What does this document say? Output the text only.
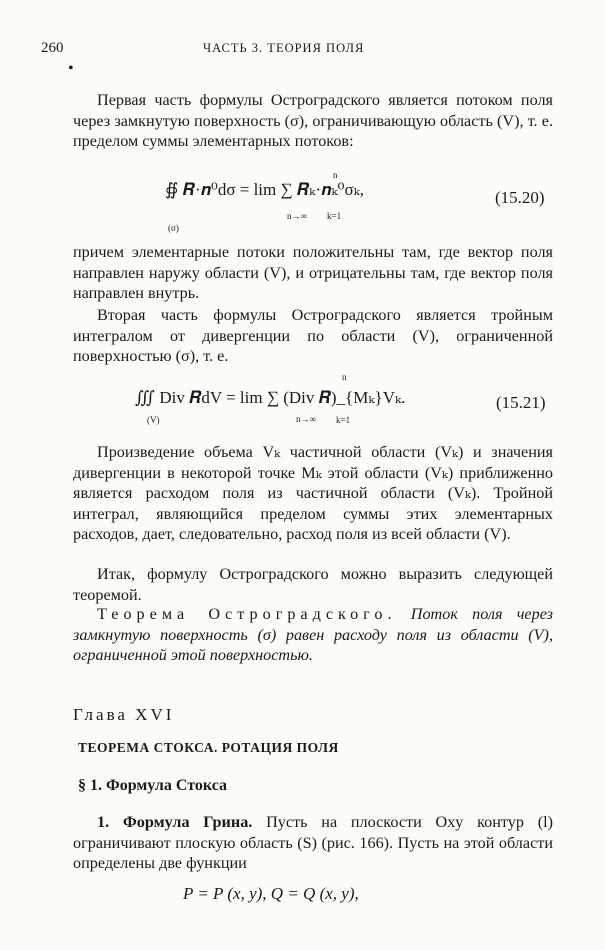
260	ЧАСТЬ 3. ТЕОРИЯ ПОЛЯ
•
Первая часть формулы Остроградского является потоком поля через замкнутую поверхность (σ), ограничивающую область (V), т. е. пределом суммы элементарных потоков:
∯ 𝑹·𝒏⁰dσ = lim ∑ 𝑹ₖ·𝒏ₖ⁰σₖ,
(σ)
n→∞
n
k=1
(15.20)
причем элементарные потоки положительны там, где вектор поля направлен наружу области (V), и отрицательны там, где вектор поля направлен внутрь.
Вторая часть формулы Остроградского является тройным интегралом от дивергенции по области (V), ограниченной поверхностью (σ), т. е.
∭ Div 𝑹dV = lim ∑ (Div 𝑹)_{Mₖ}Vₖ.
(V)	n→∞
n
k=1
(15.21)
Произведение объема Vₖ частичной области (Vₖ) и значения дивергенции в некоторой точке Mₖ этой области (Vₖ) приближенно является расходом поля из частичной области (Vₖ). Тройной интеграл, являющийся пределом суммы этих элементарных расходов, дает, следовательно, расход поля из всей области (V).
Итак, формулу Остроградского можно выразить следующей теоремой.
Теорема Остроградского. Поток поля через замкнутую поверхность (σ) равен расходу поля из области (V), ограниченной этой поверхностью.
Глава XVI
ТЕОРЕМА СТОКСА. РОТАЦИЯ ПОЛЯ
§ 1. Формула Стокса
1. Формула Грина. Пусть на плоскости Oxy контур (l) ограничивают плоскую область (S) (рис. 166). Пусть на этой области определены две функции
P = P (x, y), Q = Q (x, y),
